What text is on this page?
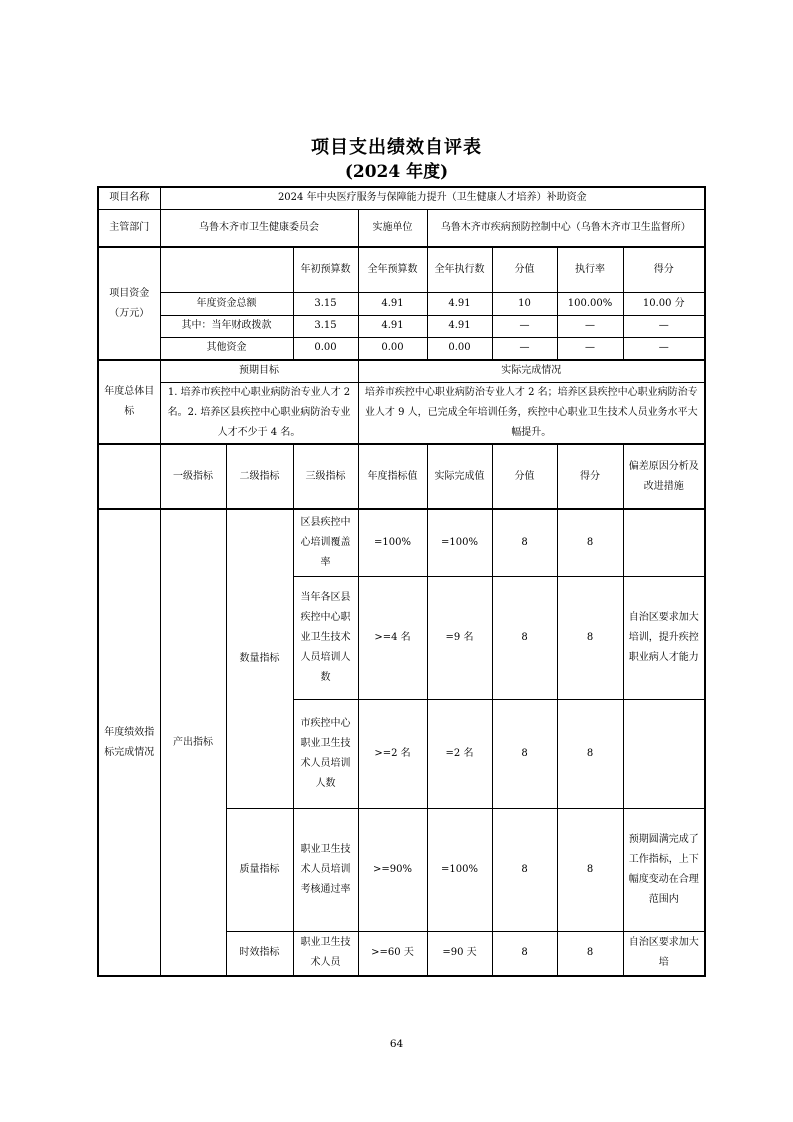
项目支出绩效自评表
(2024 年度)
项目名称	2024 年中央医疗服务与保障能力提升（卫生健康人才培养）补助资金							
主管部门	乌鲁木齐市卫生健康委员会			实施单位	乌鲁木齐市疾病预防控制中心（乌鲁木齐市卫生监督所）			
项目资金（万元）			年初预算数	全年预算数	全年执行数	分值	执行率	得分
	年度资金总额		3.15	4.91	4.91	10	100.00%	10.00 分
	其中：当年财政拨款		3.15	4.91	4.91	—	—	—
	其他资金		0.00	0.00	0.00	—	—	—
年度总体目标	预期目标			实际完成情况				
	1. 培养市疾控中心职业病防治专业人才 2 名。2. 培养区县疾控中心职业病防治专业人才不少于 4 名。			培养市疾控中心职业病防治专业人才 2 名；培养区县疾控中心职业病防治专业人才 9 人，已完成全年培训任务，疾控中心职业卫生技术人员业务水平大幅提升。				
	一级指标	二级指标	三级指标	年度指标值	实际完成值	分值	得分	偏差原因分析及改进措施
年度绩效指标完成情况	产出指标	数量指标	区县疾控中心培训覆盖率	=100%	=100%	8	8	
			当年各区县疾控中心职业卫生技术人员培训人数	>=4 名	=9 名	8	8	自治区要求加大培训，提升疾控职业病人才能力
			市疾控中心职业卫生技术人员培训人数	>=2 名	=2 名	8	8	
		质量指标	职业卫生技术人员培训考核通过率	>=90%	=100%	8	8	预期圆满完成了工作指标，上下幅度变动在合理范围内
		时效指标	职业卫生技术人员	>=60 天	=90 天	8	8	自治区要求加大培
64
